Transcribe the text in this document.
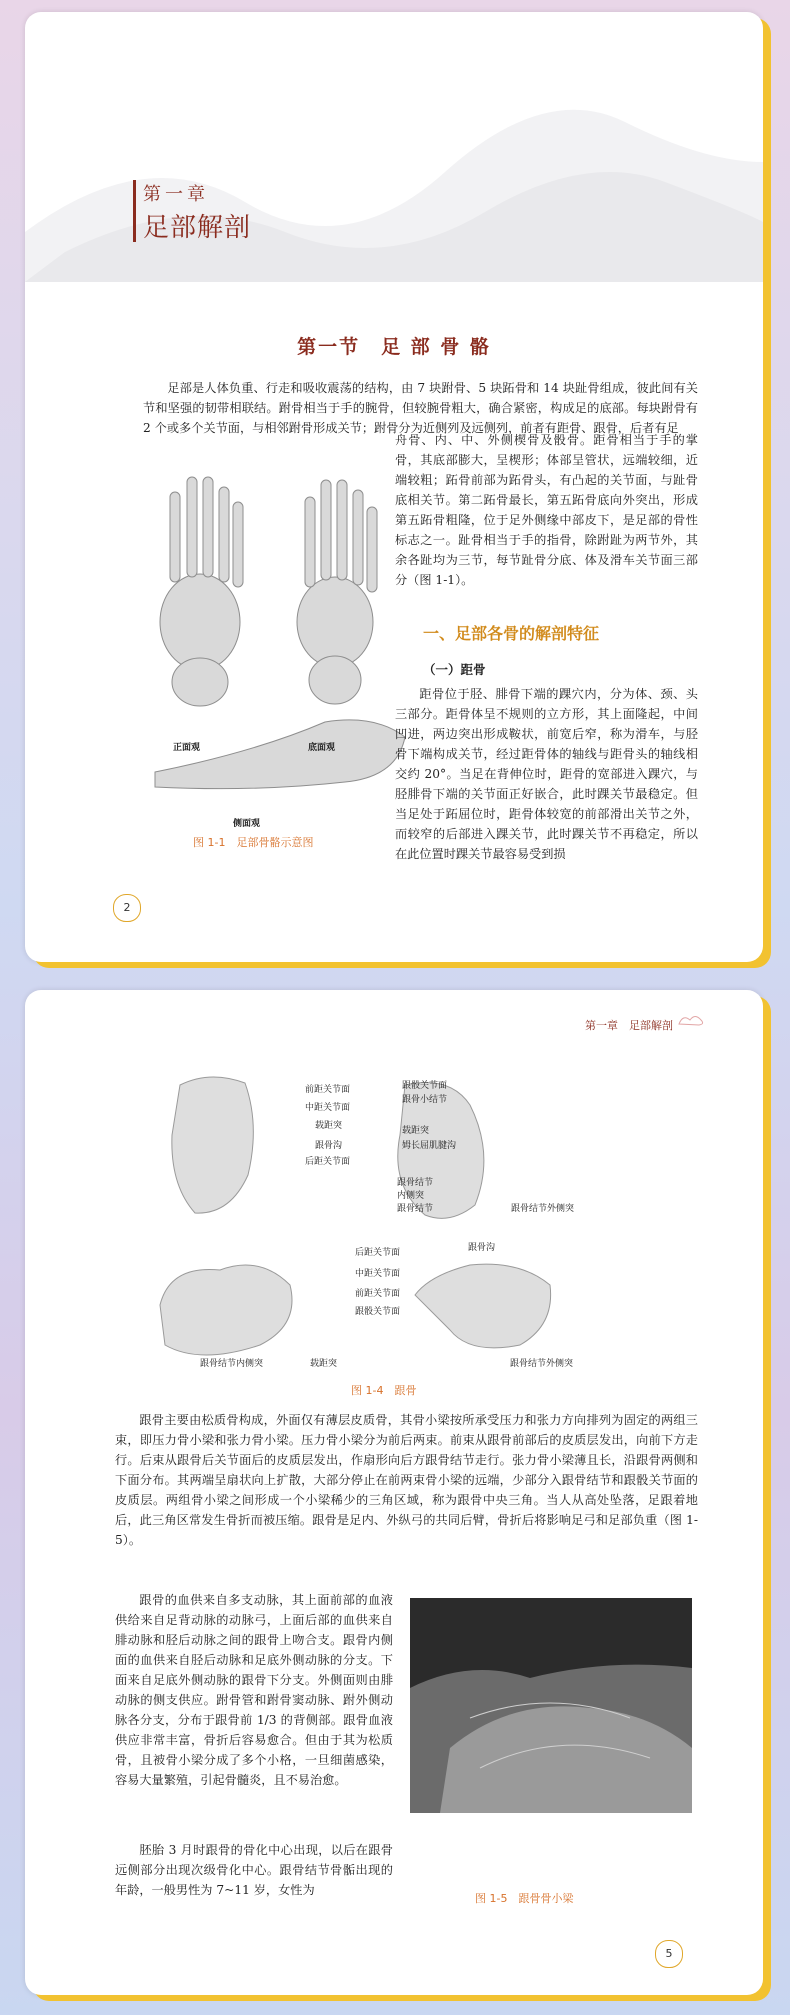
第一章
足部解剖
第一节　足 部 骨 骼

足部是人体负重、行走和吸收震荡的结构，由 7 块跗骨、5 块跖骨和 14 块趾骨组成，彼此间有关节和坚强的韧带相联结。跗骨相当于手的腕骨，但较腕骨粗大，确合紧密，构成足的底部。每块跗骨有 2 个或多个关节面，与相邻跗骨形成关节；跗骨分为近侧列及远侧列，前者有距骨、跟骨，后者有足

正面观	底面观
侧面观
图 1-1　足部骨骼示意图

舟骨、内、中、外侧楔骨及骰骨。距骨相当于手的掌骨，其底部膨大，呈楔形；体部呈管状，远端较细，近端较粗；跖骨前部为跖骨头，有凸起的关节面，与趾骨底相关节。第二跖骨最长，第五跖骨底向外突出，形成第五跖骨粗隆，位于足外侧缘中部皮下，是足部的骨性标志之一。趾骨相当于手的指骨，除跗趾为两节外，其余各趾均为三节，每节趾骨分底、体及滑车关节面三部分（图 1-1）。

一、足部各骨的解剖特征
（一）距骨

距骨位于胫、腓骨下端的踝穴内，分为体、颈、头三部分。距骨体呈不规则的立方形，其上面隆起，中间凹进，两边突出形成鞍状，前宽后窄，称为滑车，与胫骨下端构成关节，经过距骨体的轴线与距骨头的轴线相交约 20°。当足在背伸位时，距骨的宽部进入踝穴，与胫腓骨下端的关节面正好嵌合，此时踝关节最稳定。但当足处于跖屈位时，距骨体较宽的前部滑出关节之外，而较窄的后部进入踝关节，此时踝关节不再稳定，所以在此位置时踝关节最容易受到损

2
第一章　足部解剖
前距关节面
中距关节面
载距突
跟骨沟
后距关节面
跟骰关节面
跟骨小结节
载距突
姆长屈肌腱沟
跟骨结节内侧突
跟骨结节	跟骨结节外侧突
后距关节面
中距关节面
前距关节面
跟骰关节面
跟骨沟
跟骨结节内侧突	载距突	跟骨结节外侧突
图 1-4　跟骨

跟骨主要由松质骨构成，外面仅有薄层皮质骨，其骨小梁按所承受压力和张力方向排列为固定的两组三束，即压力骨小梁和张力骨小梁。压力骨小梁分为前后两束。前束从跟骨前部后的皮质层发出，向前下方走行。后束从跟骨后关节面后的皮质层发出，作扇形向后方跟骨结节走行。张力骨小梁薄且长，沿跟骨两侧和下面分布。其两端呈扇状向上扩散，大部分停止在前两束骨小梁的远端，少部分入跟骨结节和跟骰关节面的皮质层。两组骨小梁之间形成一个小梁稀少的三角区域，称为跟骨中央三角。当人从高处坠落，足跟着地后，此三角区常发生骨折而被压缩。跟骨是足内、外纵弓的共同后臂，骨折后将影响足弓和足部负重（图 1-5）。

跟骨的血供来自多支动脉，其上面前部的血液供给来自足背动脉的动脉弓，上面后部的血供来自腓动脉和胫后动脉之间的跟骨上吻合支。跟骨内侧面的血供来自胫后动脉和足底外侧动脉的分支。下面来自足底外侧动脉的跟骨下分支。外侧面则由腓动脉的侧支供应。跗骨管和跗骨窦动脉、跗外侧动脉各分支，分布于跟骨前 1/3 的背侧部。跟骨血液供应非常丰富，骨折后容易愈合。但由于其为松质骨，且被骨小梁分成了多个小格，一旦细菌感染，容易大量繁殖，引起骨髓炎，且不易治愈。

胚胎 3 月时跟骨的骨化中心出现，以后在跟骨远侧部分出现次级骨化中心。跟骨结节骨骺出现的年龄，一般男性为 7~11 岁，女性为

图 1-5　跟骨骨小梁
5
